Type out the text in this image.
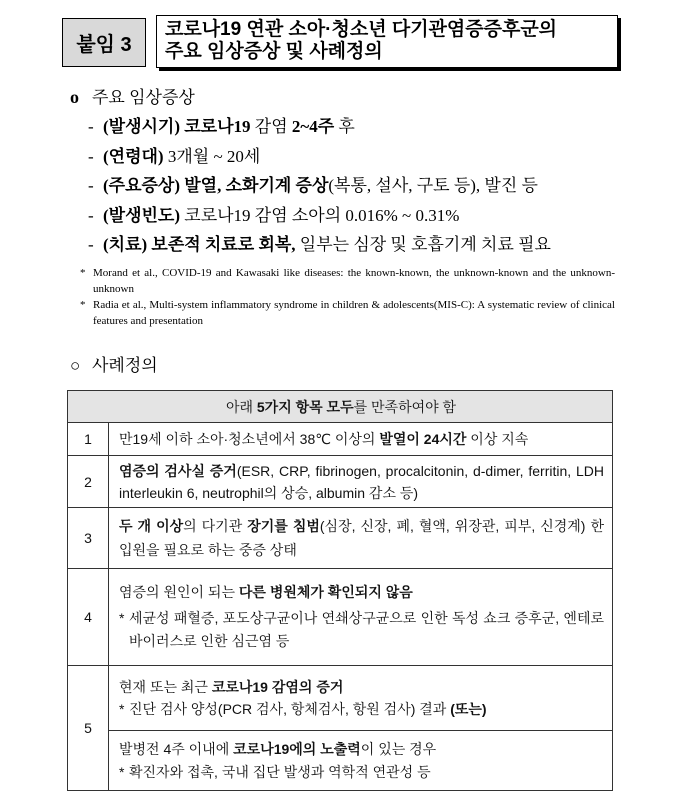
붙임 3
코로나19 연관 소아·청소년 다기관염증증후군의
주요 임상증상 및 사례정의
o 주요 임상증상
- (발생시기) 코로나19 감염 2~4주 후
- (연령대) 3개월 ~ 20세
- (주요증상) 발열, 소화기계 증상(복통, 설사, 구토 등), 발진 등
- (발생빈도) 코로나19 감염 소아의 0.016% ~ 0.31%
- (치료) 보존적 치료로 회복, 일부는 심장 및 호흡기계 치료 필요
* Morand et al., COVID-19 and Kawasaki like diseases: the known-known, the unknown-known and the unknown-unknown
* Radia et al., Multi-system inflammatory syndrome in children & adolescents(MIS-C): A systematic review of clinical features and presentation
○ 사례정의
아래 5가지 항목 모두를 만족하여야 함	
1	만19세 이하 소아·청소년에서 38℃ 이상의 발열이 24시간 이상 지속
2	염증의 검사실 증거(ESR, CRP, fibrinogen, procalcitonin, d-dimer, ferritin, LDH interleukin 6, neutrophil의 상승, albumin 감소 등)
3	두 개 이상의 다기관 장기를 침범(심장, 신장, 폐, 혈액, 위장관, 피부, 신경계) 한 입원을 필요로 하는 중증 상태
4	염증의 원인이 되는 다른 병원체가 확인되지 않음
* 세균성 패혈증, 포도상구균이나 연쇄상구균으로 인한 독성 쇼크 증후군, 엔테로바이러스로 인한 심근염 등

5	현재 또는 최근 코로나19 감염의 증거
* 진단 검사 양성(PCR 검사, 항체검사, 항원 검사) 결과 (또는)

	발병전 4주 이내에 코로나19에의 노출력이 있는 경우
* 확진자와 접촉, 국내 집단 발생과 역학적 연관성 등
